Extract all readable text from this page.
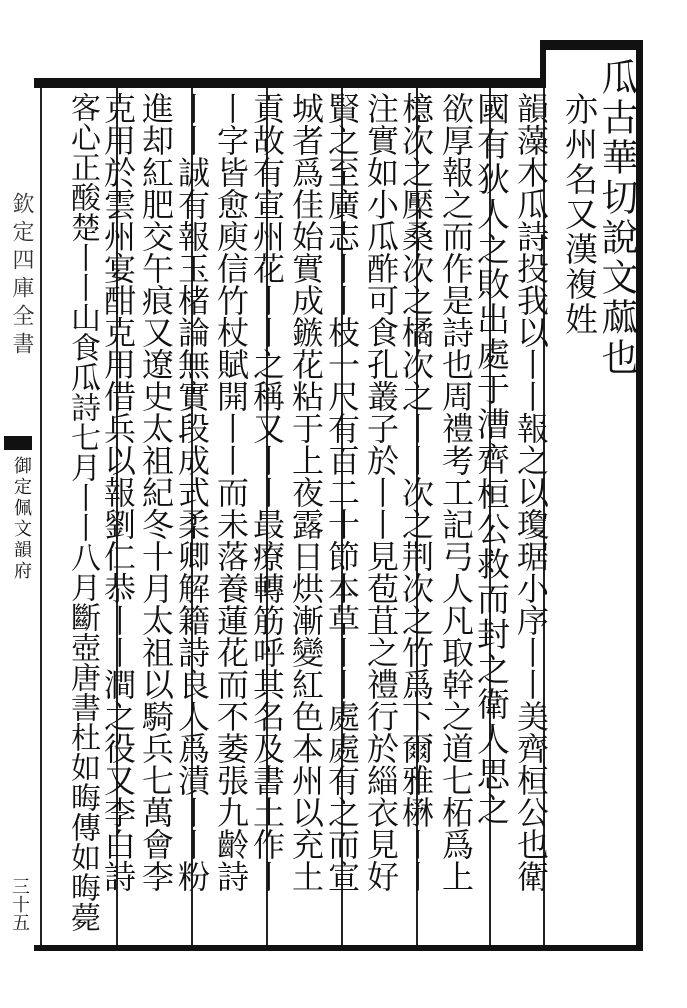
欽定四庫全書
御定佩文韻府
三十五
瓜古華切說文蓏也
亦州名又漢複姓
韻藻木瓜詩投我以丨丨報之以瓊琚小序丨丨美齊桓公也衛
國有狄人之敗出處于漕齊桓公救而封之衛人思之
欲厚報之而作是詩也周禮考工記弓人凡取幹之道七柘爲上
檍次之檿桑次之橘次之丨丨次之荆次之竹爲下爾雅楙丨丨
注實如小瓜酢可食孔叢子於丨丨見苞苴之禮行於緇衣見好
賢之至廣志丨丨枝一尺有百二十節本草丨丨處處有之而宣
城者爲佳始實成鏃花粘于上夜露日烘漸變紅色本州以充土
貢故有宣州花丨丨之稱又丨丨最療轉筋呼其名及書土作丨
丨字皆愈庾信竹杖賦開丨丨而未落養蓮花而不萎張九齡詩
丨丨誠有報玉楮論無實段成式柔卿解籍詩良人爲漬丨丨粉
進却紅肥交午痕又遼史太祖紀冬十月太祖以騎兵七萬會李
克用於雲州宴酣克用借兵以報劉仁恭丨丨澗之役又李白詩
客心正酸楚丨丨山食瓜詩七月丨丨八月斷壺唐書杜如晦傳如晦薨
